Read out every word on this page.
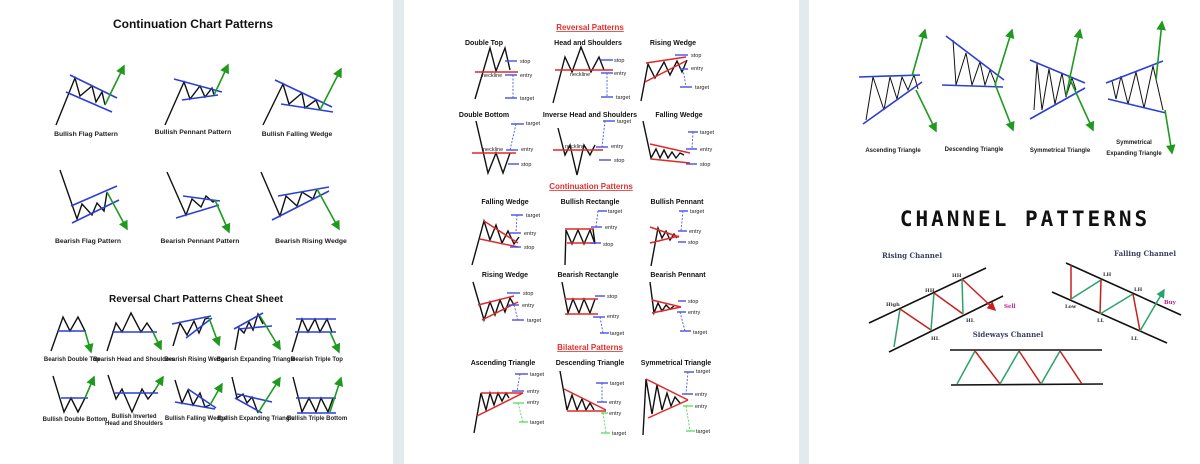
Continuation Chart Patterns
Bullish Flag Pattern	Bullish Pennant Pattern	Bullish Falling Wedge
Bearish Flag Pattern	Bearish Pennant Pattern	Bearish Rising Wedge
Reversal Chart Patterns Cheat Sheet
Bearish Double Top
Bearish Head and Shoulders
Bearish Rising Wedge
Bearish Expanding Triangle
Bearish Triple Top
Bullish Double Bottom Bullish Inverted
Head and Shoulders
Bullish Falling Wedge
Bullish Expanding Triangle
Bullish Triple Bottom
Reversal Patterns
Double Top	Head and Shoulders	Rising Wedge
neckline
stop
entry
target
neckline
stop
entry
target
stop
entry
target
Double Bottom	Inverse Head and Shoulders	Falling Wedge
neckline
target
entry
stop
neckline
target
entry
stop
target
entry
stop
Continuation Patterns
Falling Wedge	Bullish Rectangle	Bullish Pennant
target
entry
stop
target
entry
stop
target
entry
stop
Rising Wedge	Bearish Rectangle	Bearish Pennant
stop
entry
target
stop
entry
target
stop
entry
target
Bilateral Patterns
Ascending Triangle	Descending Triangle Symmetrical Triangle
target
entry
entry
target
target
entry
entry
target
target
entry
entry
target
Ascending Triangle	Descending Triangle	Symmetrical Triangle
Symmetrical
Expanding Triangle
CHANNEL PATTERNS
Rising Channel
High
HH
HH
HL
HL
Sell
Falling Channel
LH
LH
Low
LL
LL
Buy
Sideways Channel
